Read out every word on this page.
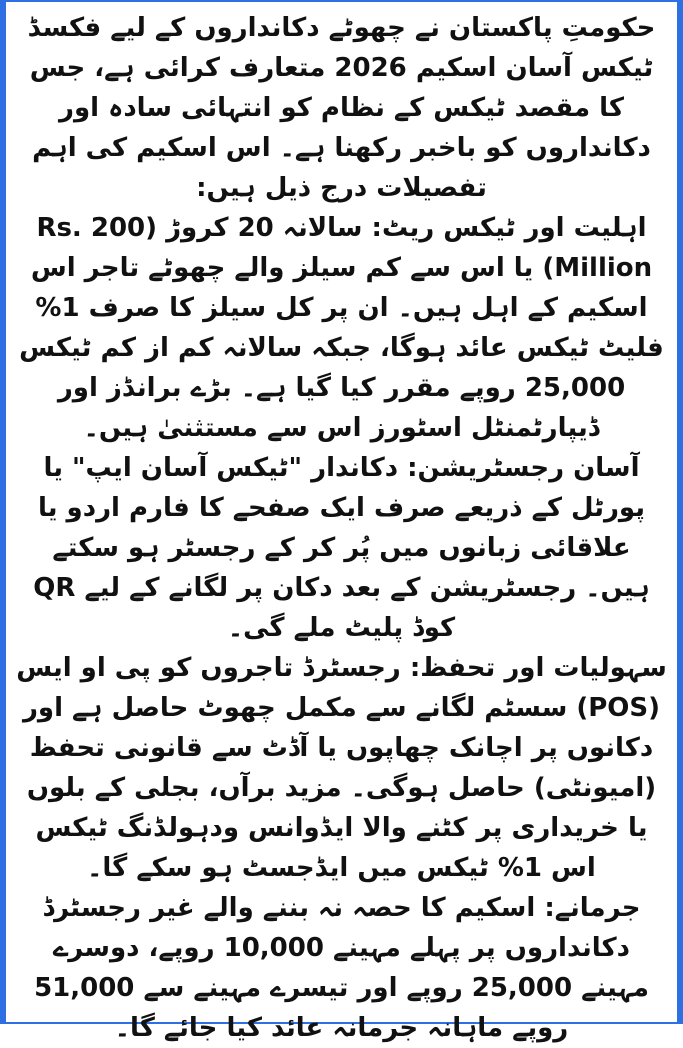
حکومتِ پاکستان نے چھوٹے دکانداروں کے لیے فکسڈ ٹیکس آسان اسکیم 2026 متعارف کرائی ہے، جس کا مقصد ٹیکس کے نظام کو انتہائی سادہ اور دکانداروں کو باخبر رکھنا ہے۔ اس اسکیم کی اہم تفصیلات درج ذیل ہیں:

اہلیت اور ٹیکس ریٹ: سالانہ 20 کروڑ (Rs. 200 Million) یا اس سے کم سیلز والے چھوٹے تاجر اس اسکیم کے اہل ہیں۔ ان پر کل سیلز کا صرف 1% فلیٹ ٹیکس عائد ہوگا، جبکہ سالانہ کم از کم ٹیکس 25,000 روپے مقرر کیا گیا ہے۔ بڑے برانڈز اور ڈیپارٹمنٹل اسٹورز اس سے مستثنیٰ ہیں۔

آسان رجسٹریشن: دکاندار "ٹیکس آسان ایپ" یا پورٹل کے ذریعے صرف ایک صفحے کا فارم اردو یا علاقائی زبانوں میں پُر کر کے رجسٹر ہو سکتے ہیں۔ رجسٹریشن کے بعد دکان پر لگانے کے لیے QR کوڈ پلیٹ ملے گی۔

سہولیات اور تحفظ: رجسٹرڈ تاجروں کو پی او ایس (POS) سسٹم لگانے سے مکمل چھوٹ حاصل ہے اور دکانوں پر اچانک چھاپوں یا آڈٹ سے قانونی تحفظ (امیونٹی) حاصل ہوگی۔ مزید برآں، بجلی کے بلوں یا خریداری پر کٹنے والا ایڈوانس ودہولڈنگ ٹیکس اس 1% ٹیکس میں ایڈجسٹ ہو سکے گا۔

جرمانے: اسکیم کا حصہ نہ بننے والے غیر رجسٹرڈ دکانداروں پر پہلے مہینے 10,000 روپے، دوسرے مہینے 25,000 روپے اور تیسرے مہینے سے 51,000 روپے ماہانہ جرمانہ عائد کیا جائے گا۔
